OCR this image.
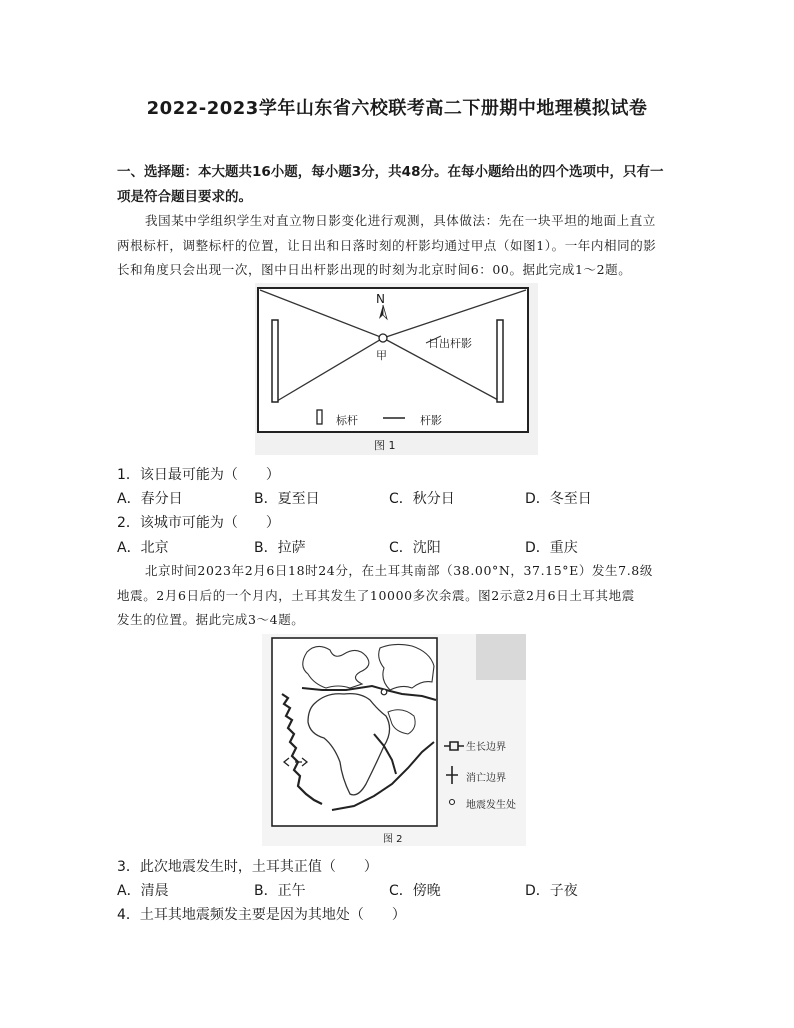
2022-2023学年山东省六校联考高二下册期中地理模拟试卷
一、选择题：本大题共16小题，每小题3分，共48分。在每小题给出的四个选项中，只有一
项是符合题目要求的。
我国某中学组织学生对直立物日影变化进行观测，具体做法：先在一块平坦的地面上直立
两根标杆，调整标杆的位置，让日出和日落时刻的杆影均通过甲点（如图1）。一年内相同的影
长和角度只会出现一次，图中日出杆影出现的时刻为北京时间6：00。据此完成1～2题。
N
甲
日出杆影
标杆	杆影
图 1
1．该日最可能为（　　）
A．春分日	B．夏至日	C．秋分日	D．冬至日
2．该城市可能为（　　）
A．北京	B．拉萨	C．沈阳	D．重庆
北京时间2023年2月6日18时24分，在土耳其南部（38.00°N，37.15°E）发生7.8级
地震。2月6日后的一个月内，土耳其发生了10000多次余震。图2示意2月6日土耳其地震
发生的位置。据此完成3～4题。
生长边界
消亡边界
地震发生处
图 2
3．此次地震发生时，土耳其正值（　　）
A．清晨	B．正午	C．傍晚	D．子夜
4．土耳其地震频发主要是因为其地处（　　）
